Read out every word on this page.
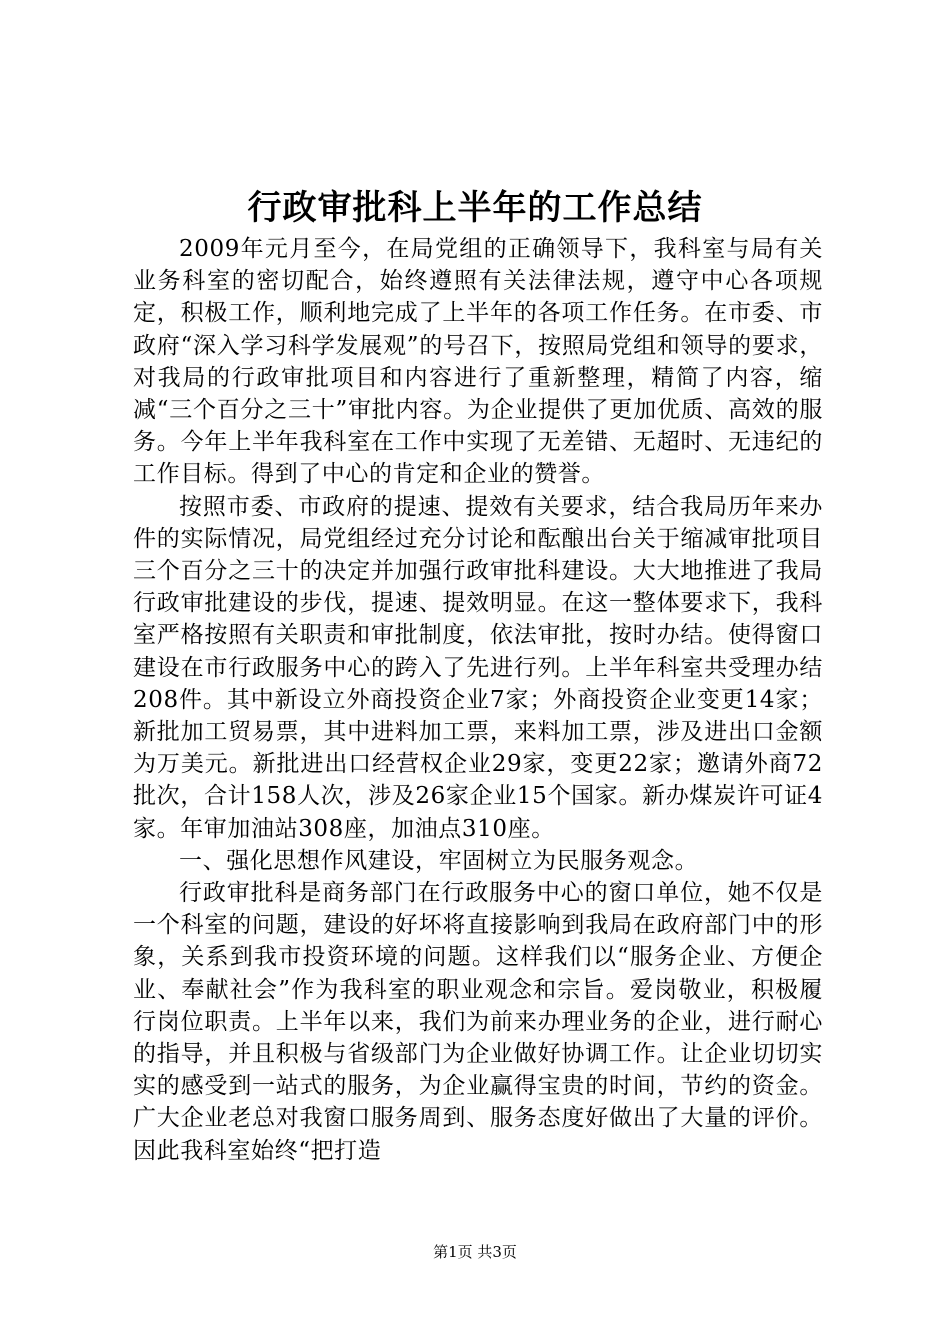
行政审批科上半年的工作总结

2009年元月至今，在局党组的正确领导下，我科室与局有关业务科室的密切配合，始终遵照有关法律法规，遵守中心各项规定，积极工作，顺利地完成了上半年的各项工作任务。在市委、市政府“深入学习科学发展观”的号召下，按照局党组和领导的要求，对我局的行政审批项目和内容进行了重新整理，精简了内容，缩减“三个百分之三十”审批内容。为企业提供了更加优质、高效的服务。今年上半年我科室在工作中实现了无差错、无超时、无违纪的工作目标。得到了中心的肯定和企业的赞誉。

按照市委、市政府的提速、提效有关要求，结合我局历年来办件的实际情况，局党组经过充分讨论和酝酿出台关于缩减审批项目三个百分之三十的决定并加强行政审批科建设。大大地推进了我局行政审批建设的步伐，提速、提效明显。在这一整体要求下，我科室严格按照有关职责和审批制度，依法审批，按时办结。使得窗口建设在市行政服务中心的跨入了先进行列。上半年科室共受理办结208件。其中新设立外商投资企业7家；外商投资企业变更14家；新批加工贸易票，其中进料加工票，来料加工票，涉及进出口金额为万美元。新批进出口经营权企业29家，变更22家；邀请外商72批次，合计158人次，涉及26家企业15个国家。新办煤炭许可证4家。年审加油站308座，加油点310座。

一、强化思想作风建设，牢固树立为民服务观念。

行政审批科是商务部门在行政服务中心的窗口单位，她不仅是一个科室的问题，建设的好坏将直接影响到我局在政府部门中的形象，关系到我市投资环境的问题。这样我们以“服务企业、方便企业、奉献社会”作为我科室的职业观念和宗旨。爱岗敬业，积极履行岗位职责。上半年以来，我们为前来办理业务的企业，进行耐心的指导，并且积极与省级部门为企业做好协调工作。让企业切切实实的感受到一站式的服务，为企业赢得宝贵的时间，节约的资金。广大企业老总对我窗口服务周到、服务态度好做出了大量的评价。因此我科室始终“把打造

第1页 共3页
